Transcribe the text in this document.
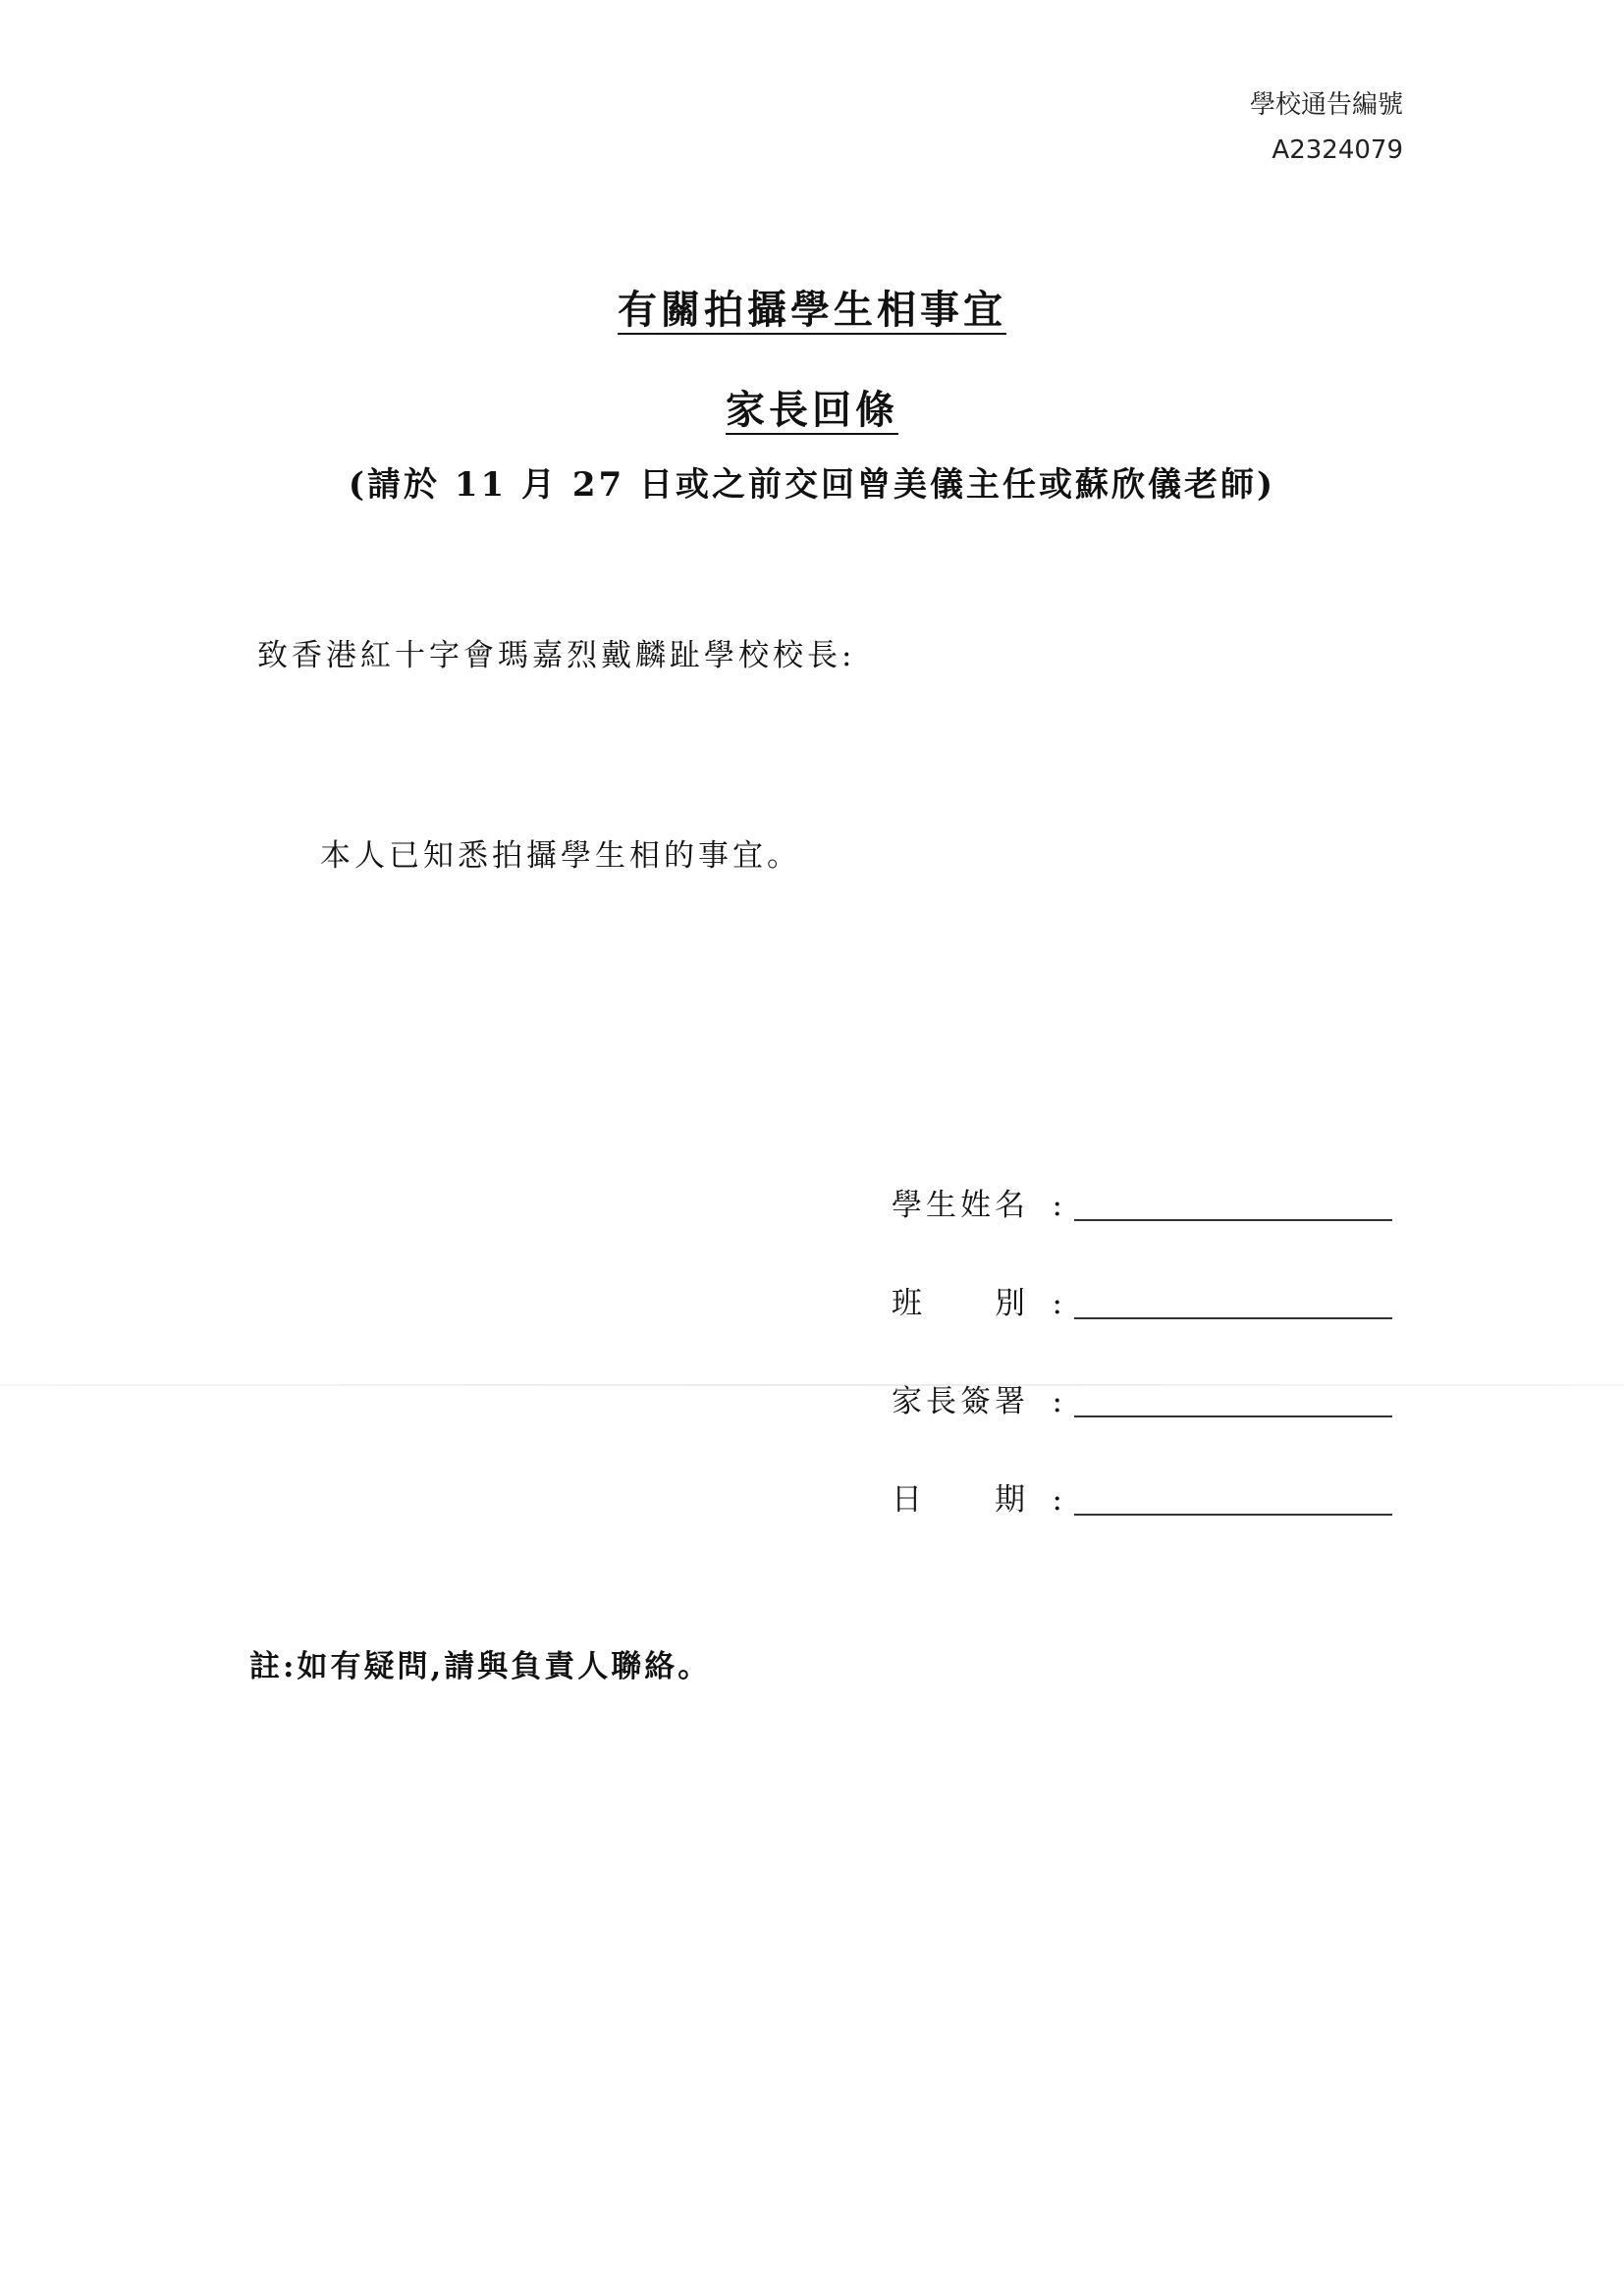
學校通告編號
A2324079
有關拍攝學生相事宜
家長回條
(請於 11 月 27 日或之前交回曾美儀主任或蘇欣儀老師)
致香港紅十字會瑪嘉烈戴麟趾學校校長:
本人已知悉拍攝學生相的事宜。
學生姓名 :
班　　別 :
家長簽署 :
日　　期 :
註:如有疑問,請與負責人聯絡。
